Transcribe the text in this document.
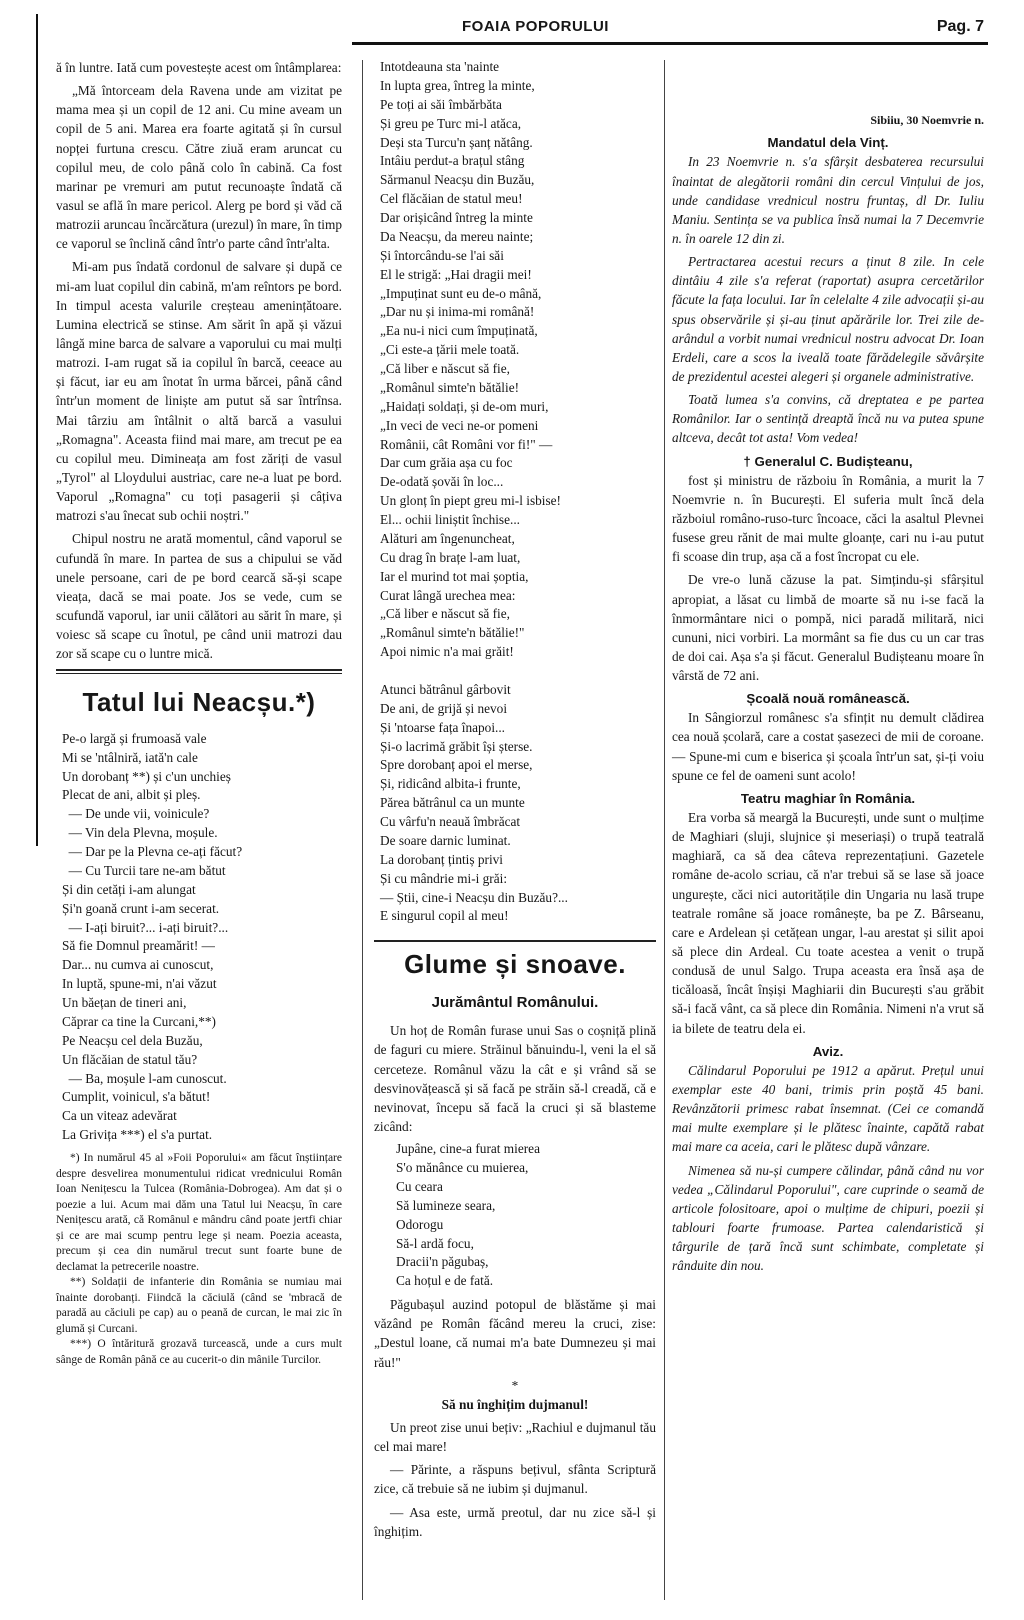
FOAIA POPORULUI	Pag. 7

ă în luntre. Iată cum povestește acest om întâmplarea:

„Mă întorceam dela Ravena unde am vizitat pe mama mea și un copil de 12 ani. Cu mine aveam un copil de 5 ani. Marea era foarte agitată și în cursul nopței furtuna crescu. Către ziuă eram aruncat cu copilul meu, de colo până colo în cabină. Ca fost marinar pe vremuri am putut recunoaște îndată că vasul se află în mare pericol. Alerg pe bord și văd că matrozii aruncau încărcătura (urezul) în mare, în timp ce vaporul se înclină când într'o parte când într'alta.

Mi-am pus îndată cordonul de salvare și după ce mi-am luat copilul din cabină, m'am reîntors pe bord. In timpul acesta valurile creșteau amenințătoare. Lumina electrică se stinse. Am sărit în apă și văzui lângă mine barca de salvare a vaporului cu mai mulți matrozi. I-am rugat să ia copilul în barcă, ceeace au și făcut, iar eu am înotat în urma bărcei, până când într'un moment de liniște am putut să sar întrînsa. Mai târziu am întâlnit o altă barcă a vasului „Romagna". Aceasta fiind mai mare, am trecut pe ea cu copilul meu. Dimineața am fost zăriți de vasul „Tyrol" al Lloydului austriac, care ne-a luat pe bord. Vaporul „Romagna" cu toți pasagerii și câțiva matrozi s'au înecat sub ochii noștri."

Chipul nostru ne arată momentul, când vaporul se cufundă în mare. In partea de sus a chipului se văd unele persoane, cari de pe bord cearcă să-și scape vieața, dacă se mai poate. Jos se vede, cum se scufundă vaporul, iar unii călători au sărit în mare, și voiesc să scape cu înotul, pe când unii matrozi dau zor să scape cu o luntre mică.

Tatul lui Neacșu.*)
Pe-o largă și frumoasă vale
Mi se 'ntâlniră, iată'n cale
Un dorobanț **) și c'un unchieș
Plecat de ani, albit și pleș.
— De unde vii, voinicule?
— Vin dela Plevna, moșule.
— Dar pe la Plevna ce-ați făcut?
— Cu Turcii tare ne-am bătut
Și din cetăți i-am alungat
Și'n goană crunt i-am secerat.
— I-ați biruit?... i-ați biruit?...
Să fie Domnul preamărit! —
Dar... nu cumva ai cunoscut,
In luptă, spune-mi, n'ai văzut
Un băețan de tineri ani,
Căprar ca tine la Curcani,**)
Pe Neacșu cel dela Buzău,
Un flăcăian de statul tău?
— Ba, moșule l-am cunoscut.
Cumplit, voinicul, s'a bătut!
Ca un viteaz adevărat
La Grivița ***) el s'a purtat.

*) In numărul 45 al »Foii Poporului« am făcut înștiințare despre desvelirea monumentului ridicat vrednicului Român Ioan Nenițescu la Tulcea (România-Dobrogea). Am dat și o poezie a lui. Acum mai dăm una Tatul lui Neacșu, în care Nenițescu arată, că Românul e mândru când poate jertfi chiar și ce are mai scump pentru lege și neam. Poezia aceasta, precum și cea din numărul trecut sunt foarte bune de declamat la petrecerile noastre.

**) Soldații de infanterie din România se numiau mai înainte dorobanți. Fiindcă la căciulă (când se 'mbracă de paradă au căciuli pe cap) au o peană de curcan, le mai zic în glumă și Curcani.

***) O întăritură grozavă turcească, unde a curs mult sânge de Român până ce au cucerit-o din mânile Turcilor.

Intotdeauna sta 'nainte
In lupta grea, întreg la minte,
Pe toți ai săi îmbărbăta
Și greu pe Turc mi-l atăca,
Deși sta Turcu'n șanț nătâng.
Intâiu perdut-a brațul stâng
Sărmanul Neacșu din Buzău,
Cel flăcăian de statul meu!
Dar orișicând întreg la minte
Da Neacșu, da mereu nainte;
Și întorcându-se l'ai săi
El le strigă: „Hai dragii mei!
„Impuținat sunt eu de-o mână,
„Dar nu și inima-mi română!
„Ea nu-i nici cum împuținată,
„Ci este-a țării mele toată.
„Că liber e născut să fie,
„Românul simte'n bătălie!
„Haidați soldați, și de-om muri,
„In veci de veci ne-or pomeni
Românii, cât Români vor fi!" —
Dar cum grăia așa cu foc
De-odată șovăi în loc...
Un glonț în piept greu mi-l isbise!
El... ochii liniștit închise...
Alături am îngenuncheat,
Cu drag în brațe l-am luat,
Iar el murind tot mai șoptia,
Curat lângă urechea mea:
„Că liber e născut să fie,
„Românul simte'n bătălie!"
Apoi nimic n'a mai grăit!

Atunci bătrânul gârbovit
De ani, de grijă și nevoi
Și 'ntoarse fața înapoi...
Și-o lacrimă grăbit își șterse.
Spre dorobanț apoi el merse,
Și, ridicând albita-i frunte,
Părea bătrânul ca un munte
Cu vârfu'n neauă îmbrăcat
De soare darnic luminat.
La dorobanț țintiș privi
Și cu mândrie mi-i grăi:
— Știi, cine-i Neacșu din Buzău?...
E singurul copil al meu!
Glume și snoave.
Jurământul Românului.

Un hoț de Român furase unui Sas o coșniță plină de faguri cu miere. Străinul bănuindu-l, veni la el să cerceteze. Românul văzu la cât e și vrând să se desvinovățească și să facă pe străin să-l creadă, că e nevinovat, începu să facă la cruci și să blasteme zicând:

Jupâne, cine-a furat mierea
S'o mănânce cu muierea,
Cu ceara
Să lumineze seara,
Odorogu
Să-l ardă focu,
Dracii'n păgubaș,
Ca hoțul e de fată.

Păgubașul auzind potopul de blăstăme și mai văzând pe Român făcând mereu la cruci, zise: „Destul loane, că numai m'a bate Dumnezeu și mai rău!"

*

Să nu înghițim dujmanul!

Un preot zise unui bețiv: „Rachiul e dujmanul tău cel mai mare!

— Părinte, a răspuns bețivul, sfânta Scriptură zice, că trebuie să ne iubim și dujmanul.

— Asa este, urmă preotul, dar nu zice să-l și înghițim.

Sibiiu, 30 Noemvrie n.
Mandatul dela Vinț.

In 23 Noemvrie n. s'a sfârșit desbaterea recursului înaintat de alegătorii români din cercul Vințului de jos, unde candidase vrednicul nostru fruntaș, dl Dr. Iuliu Maniu. Sentința se va publica însă numai la 7 Decemvrie n. în oarele 12 din zi.

Pertractarea acestui recurs a ținut 8 zile. In cele dintâiu 4 zile s'a referat (raportat) asupra cercetărilor făcute la fața locului. Iar în celelalte 4 zile advocații și-au spus observările și și-au ținut apărările lor. Trei zile de-arândul a vorbit numai vrednicul nostru advocat Dr. Ioan Erdeli, care a scos la iveală toate fărădelegile săvârșite de prezidentul acestei alegeri și organele administrative.

Toată lumea s'a convins, că dreptatea e pe partea Românilor. Iar o sentință dreaptă încă nu va putea spune altceva, decât tot asta! Vom vedea!

† Generalul C. Budișteanu,

fost și ministru de războiu în România, a murit la 7 Noemvrie n. în București. El suferia mult încă dela războiul româno-ruso-turc încoace, căci la asaltul Plevnei fusese greu rănit de mai multe gloanțe, cari nu i-au putut fi scoase din trup, așa că a fost încropat cu ele.

De vre-o lună căzuse la pat. Simțindu-și sfârșitul apropiat, a lăsat cu limbă de moarte să nu i-se facă la înmormântare nici o pompă, nici paradă militară, nici cununi, nici vorbiri. La mormânt sa fie dus cu un car tras de doi cai. Așa s'a și făcut. Generalul Budișteanu moare în vârstă de 72 ani.

Școală nouă românească.

In Sângiorzul românesc s'a sfințit nu demult clădirea cea nouă școlară, care a costat șasezeci de mii de coroane. — Spune-mi cum e biserica și școala într'un sat, și-ți voiu spune ce fel de oameni sunt acolo!

Teatru maghiar în România.

Era vorba să meargă la București, unde sunt o mulțime de Maghiari (sluji, slujnice și meseriași) o trupă teatrală maghiară, ca să dea câteva reprezentațiuni. Gazetele române de-acolo scriau, că n'ar trebui să se lase să joace ungurește, căci nici autoritățile din Ungaria nu lasă trupe teatrale române să joace românește, ba pe Z. Bârseanu, care e Ardelean și cetățean ungar, l-au arestat și silit apoi să plece din Ardeal. Cu toate acestea a venit o trupă condusă de unul Salgo. Trupa aceasta era însă așa de ticăloasă, încât înșiși Maghiarii din București s'au grăbit să-i facă vânt, ca să plece din România. Nimeni n'a vrut să ia bilete de teatru dela ei.

Aviz.

Călindarul Poporului pe 1912 a apărut. Prețul unui exemplar este 40 bani, trimis prin poștă 45 bani. Revânzătorii primesc rabat însemnat. (Cei ce comandă mai multe exemplare și le plătesc înainte, capătă rabat mai mare ca aceia, cari le plătesc după vânzare.

Nimenea să nu-și cumpere călindar, până când nu vor vedea „Călindarul Poporului", care cuprinde o seamă de articole folositoare, apoi o mulțime de chipuri, poezii și tablouri foarte frumoase. Partea calendaristică și târgurile de țară încă sunt schimbate, completate și rânduite din nou.
